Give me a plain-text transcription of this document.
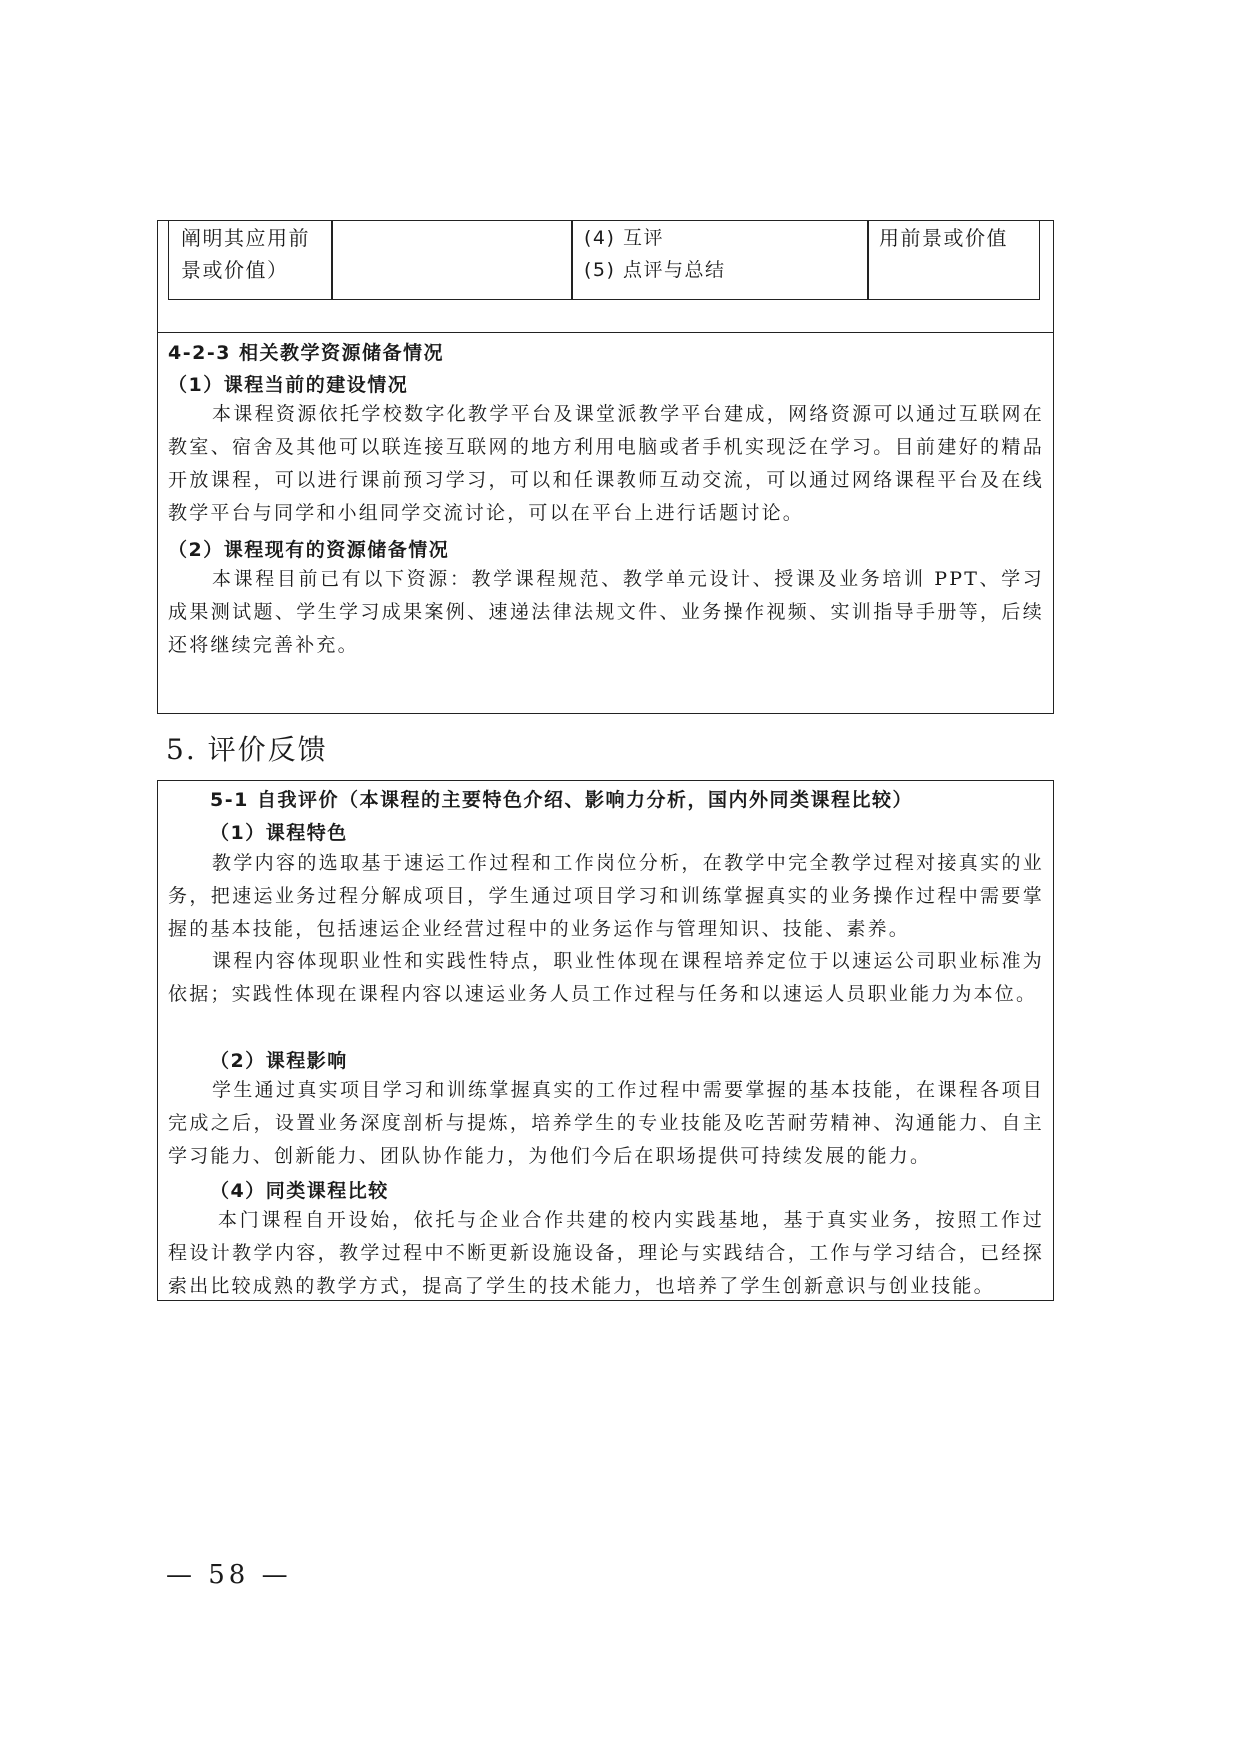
阐明其应用前
景或价值）
(4) 互评
(5) 点评与总结
用前景或价值
4-2-3 相关教学资源储备情况
（1）课程当前的建设情况
本课程资源依托学校数字化教学平台及课堂派教学平台建成，网络资源可以通过互联网在教室、宿舍及其他可以联连接互联网的地方利用电脑或者手机实现泛在学习。目前建好的精品开放课程，可以进行课前预习学习，可以和任课教师互动交流，可以通过网络课程平台及在线教学平台与同学和小组同学交流讨论，可以在平台上进行话题讨论。
（2）课程现有的资源储备情况
本课程目前已有以下资源：教学课程规范、教学单元设计、授课及业务培训 PPT、学习成果测试题、学生学习成果案例、速递法律法规文件、业务操作视频、实训指导手册等，后续还将继续完善补充。
5. 评价反馈
5-1 自我评价（本课程的主要特色介绍、影响力分析，国内外同类课程比较）
（1）课程特色
教学内容的选取基于速运工作过程和工作岗位分析，在教学中完全教学过程对接真实的业务，把速运业务过程分解成项目，学生通过项目学习和训练掌握真实的业务操作过程中需要掌握的基本技能，包括速运企业经营过程中的业务运作与管理知识、技能、素养。
课程内容体现职业性和实践性特点，职业性体现在课程培养定位于以速运公司职业标准为依据；实践性体现在课程内容以速运业务人员工作过程与任务和以速运人员职业能力为本位。
（2）课程影响
学生通过真实项目学习和训练掌握真实的工作过程中需要掌握的基本技能，在课程各项目完成之后，设置业务深度剖析与提炼，培养学生的专业技能及吃苦耐劳精神、沟通能力、自主学习能力、创新能力、团队协作能力，为他们今后在职场提供可持续发展的能力。
（4）同类课程比较
本门课程自开设始，依托与企业合作共建的校内实践基地，基于真实业务，按照工作过程设计教学内容，教学过程中不断更新设施设备，理论与实践结合，工作与学习结合，已经探索出比较成熟的教学方式，提高了学生的技术能力，也培养了学生创新意识与创业技能。
— 58 —
